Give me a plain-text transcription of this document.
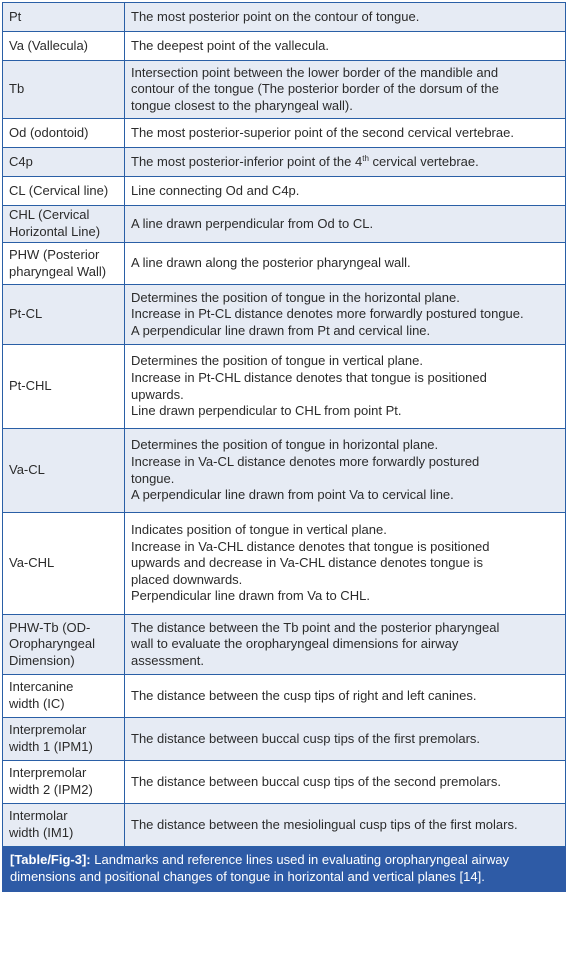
Pt	The most posterior point on the contour of tongue.

Va (Vallecula)	The deepest point of the vallecula.

Tb	Intersection point between the lower border of the mandible and
contour of the tongue (The posterior border of the dorsum of the
tongue closest to the pharyngeal wall).

Od (odontoid)	The most posterior-superior point of the second cervical vertebrae.

C4p	The most posterior-inferior point of the 4th cervical vertebrae.

CL (Cervical line)	Line connecting Od and C4p.

CHL (Cervical
Horizontal Line)	A line drawn perpendicular from Od to CL.

PHW (Posterior
pharyngeal Wall)	A line drawn along the posterior pharyngeal wall.

Pt-CL	Determines the position of tongue in the horizontal plane.
Increase in Pt-CL distance denotes more forwardly postured tongue.
A perpendicular line drawn from Pt and cervical line.

Pt-CHL	Determines the position of tongue in vertical plane.
Increase in Pt-CHL distance denotes that tongue is positioned
upwards.
Line drawn perpendicular to CHL from point Pt.

Va-CL	Determines the position of tongue in horizontal plane.
Increase in Va-CL distance denotes more forwardly postured
tongue.
A perpendicular line drawn from point Va to cervical line.

Va-CHL	Indicates position of tongue in vertical plane.
Increase in Va-CHL distance denotes that tongue is positioned
upwards and decrease in Va-CHL distance denotes tongue is
placed downwards.
Perpendicular line drawn from Va to CHL.

PHW-Tb (OD-
Oropharyngeal
Dimension)	The distance between the Tb point and the posterior pharyngeal
wall to evaluate the oropharyngeal dimensions for airway
assessment.

Intercanine
width (IC)	The distance between the cusp tips of right and left canines.

Interpremolar
width 1 (IPM1)	The distance between buccal cusp tips of the first premolars.

Interpremolar
width 2 (IPM2)	The distance between buccal cusp tips of the second premolars.

Intermolar
width (IM1)	The distance between the mesiolingual cusp tips of the first molars.
[Table/Fig-3]: Landmarks and reference lines used in evaluating oropharyngeal airway
dimensions and positional changes of tongue in horizontal and vertical planes [14].
